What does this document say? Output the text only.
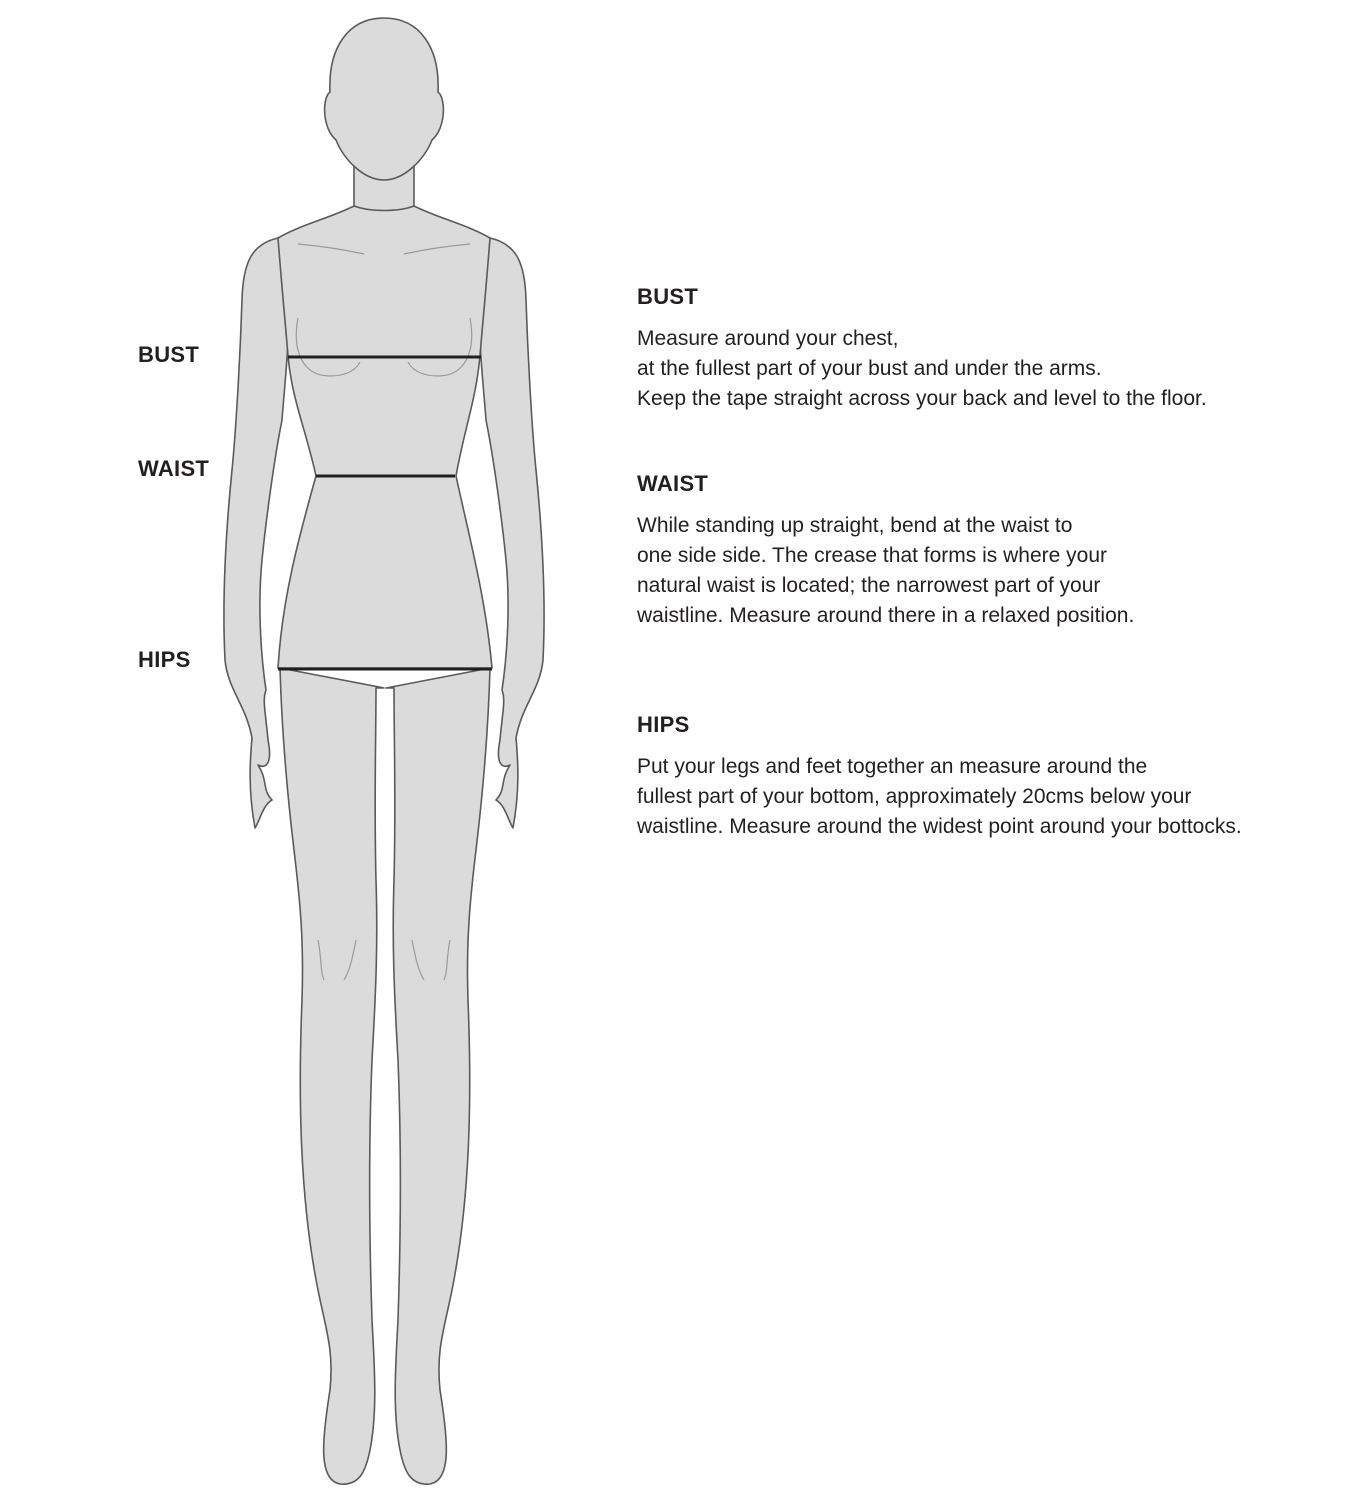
BUST
WAIST
HIPS
BUST
Measure around your chest,
at the fullest part of your bust and under the arms.
Keep the tape straight across your back and level to the floor.
WAIST
While standing up straight, bend at the waist to
one side side. The crease that forms is where your
natural waist is located; the narrowest part of your
waistline. Measure around there in a relaxed position.
HIPS
Put your legs and feet together an measure around the
fullest part of your bottom, approximately 20cms below your
waistline. Measure around the widest point around your bottocks.
